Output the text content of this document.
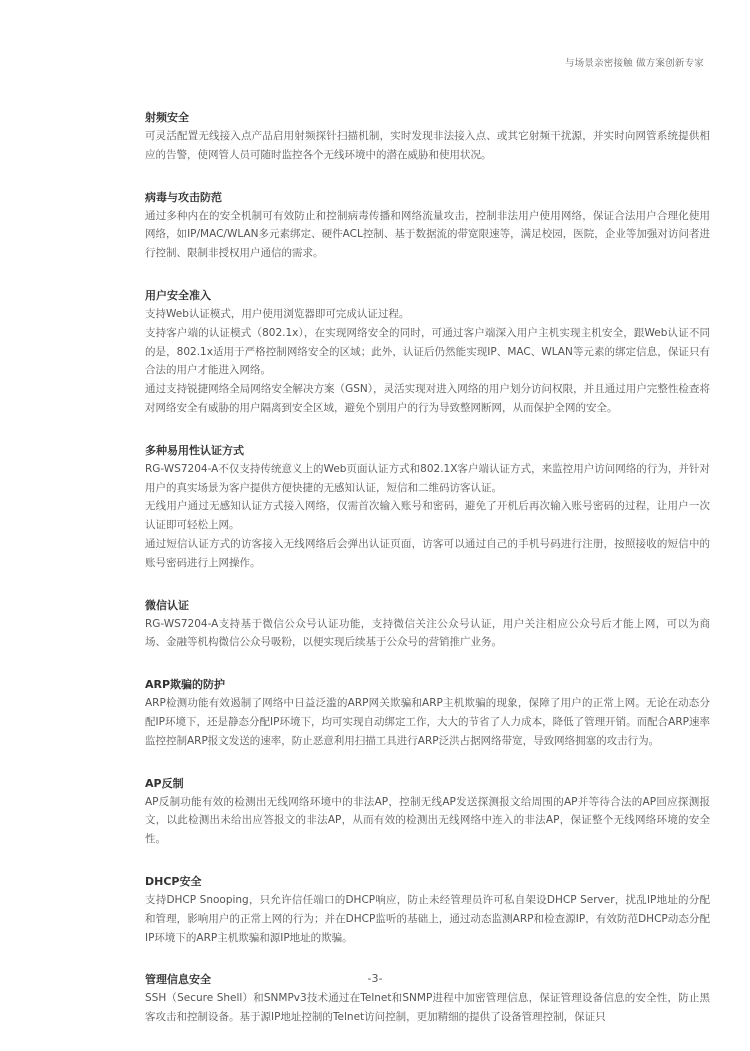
与场景亲密接触 做方案创新专家
射频安全

可灵活配置无线接入点产品启用射频探针扫描机制，实时发现非法接入点、或其它射频干扰源，并实时向网管系统提供相应的告警，使网管人员可随时监控各个无线环境中的潜在威胁和使用状况。

病毒与攻击防范

通过多种内在的安全机制可有效防止和控制病毒传播和网络流量攻击，控制非法用户使用网络，保证合法用户合理化使用网络，如IP/MAC/WLAN多元素绑定、硬件ACL控制、基于数据流的带宽限速等，满足校园，医院，企业等加强对访问者进行控制、限制非授权用户通信的需求。

用户安全准入

支持Web认证模式，用户使用浏览器即可完成认证过程。

支持客户端的认证模式（802.1x），在实现网络安全的同时，可通过客户端深入用户主机实现主机安全，跟Web认证不同的是，802.1x适用于严格控制网络安全的区域；此外，认证后仍然能实现IP、MAC、WLAN等元素的绑定信息，保证只有合法的用户才能进入网络。

通过支持锐捷网络全局网络安全解决方案（GSN），灵活实现对进入网络的用户划分访问权限，并且通过用户完整性检查将对网络安全有威胁的用户隔离到安全区域，避免个别用户的行为导致整网断网，从而保护全网的安全。

多种易用性认证方式

RG-WS7204-A不仅支持传统意义上的Web页面认证方式和802.1X客户端认证方式，来监控用户访问网络的行为，并针对用户的真实场景为客户提供方便快捷的无感知认证，短信和二维码访客认证。

无线用户通过无感知认证方式接入网络，仅需首次输入账号和密码，避免了开机后再次输入账号密码的过程，让用户一次认证即可轻松上网。

通过短信认证方式的访客接入无线网络后会弹出认证页面，访客可以通过自己的手机号码进行注册，按照接收的短信中的账号密码进行上网操作。

微信认证

RG-WS7204-A支持基于微信公众号认证功能，支持微信关注公众号认证，用户关注相应公众号后才能上网，可以为商场、金融等机构微信公众号吸粉，以便实现后续基于公众号的营销推广业务。

ARP欺骗的防护

ARP检测功能有效遏制了网络中日益泛滥的ARP网关欺骗和ARP主机欺骗的现象，保障了用户的正常上网。无论在动态分配IP环境下，还是静态分配IP环境下，均可实现自动绑定工作，大大的节省了人力成本，降低了管理开销。而配合ARP速率监控控制ARP报文发送的速率，防止恶意利用扫描工具进行ARP泛洪占据网络带宽，导致网络拥塞的攻击行为。

AP反制

AP反制功能有效的检测出无线网络环境中的非法AP，控制无线AP发送探测报文给周围的AP并等待合法的AP回应探测报文，以此检测出未给出应答报文的非法AP，从而有效的检测出无线网络中连入的非法AP，保证整个无线网络环境的安全性。

DHCP安全

支持DHCP Snooping，只允许信任端口的DHCP响应，防止未经管理员许可私自架设DHCP Server，扰乱IP地址的分配和管理，影响用户的正常上网的行为；并在DHCP监听的基础上，通过动态监测ARP和检查源IP，有效防范DHCP动态分配IP环境下的ARP主机欺骗和源IP地址的欺骗。

管理信息安全

SSH（Secure Shell）和SNMPv3技术通过在Telnet和SNMP进程中加密管理信息，保证管理设备信息的安全性，防止黑客攻击和控制设备。基于源IP地址控制的Telnet访问控制，更加精细的提供了设备管理控制，保证只

-3-
